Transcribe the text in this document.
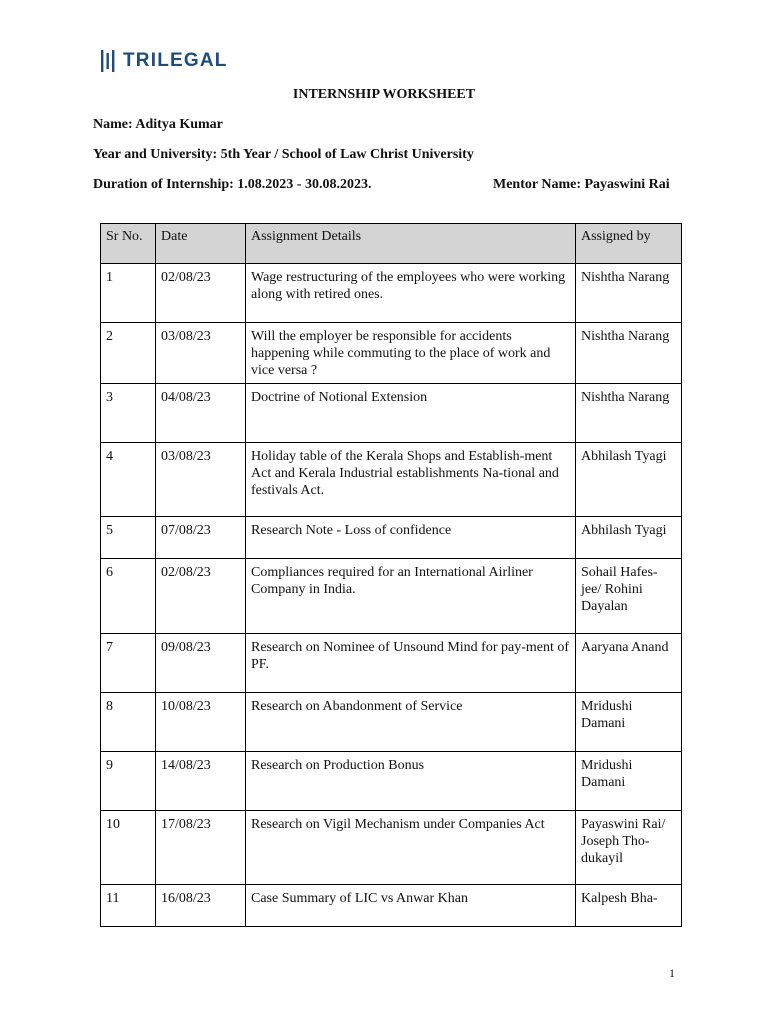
TRILEGAL
INTERNSHIP WORKSHEET
Name: Aditya Kumar
Year and University: 5th Year / School of Law Christ University
Duration of Internship: 1.08.2023 - 30.08.2023.	Mentor Name: Payaswini Rai
Sr No.	Date	Assignment Details	Assigned by
1	02/08/23	Wage restructuring of the employees who were working along with retired ones.	Nishtha Narang
2	03/08/23	Will the employer be responsible for accidents happening while commuting to the place of work and vice versa ?	Nishtha Narang
3	04/08/23	Doctrine of Notional Extension	Nishtha Narang
4	03/08/23	Holiday table of the Kerala Shops and Establish-ment Act and Kerala Industrial establishments Na-tional and festivals Act.	Abhilash Tyagi
5	07/08/23	Research Note - Loss of confidence	Abhilash Tyagi
6	02/08/23	Compliances required for an International Airliner Company in India.	Sohail Hafes-jee/ Rohini Dayalan
7	09/08/23	Research on Nominee of Unsound Mind for pay-ment of PF.	Aaryana Anand
8	10/08/23	Research on Abandonment of Service	Mridushi Damani
9	14/08/23	Research on Production Bonus	Mridushi Damani
10	17/08/23	Research on Vigil Mechanism under Companies Act	Payaswini Rai/ Joseph Tho-dukayil
11	16/08/23	Case Summary of LIC vs Anwar Khan	Kalpesh Bha-
1
